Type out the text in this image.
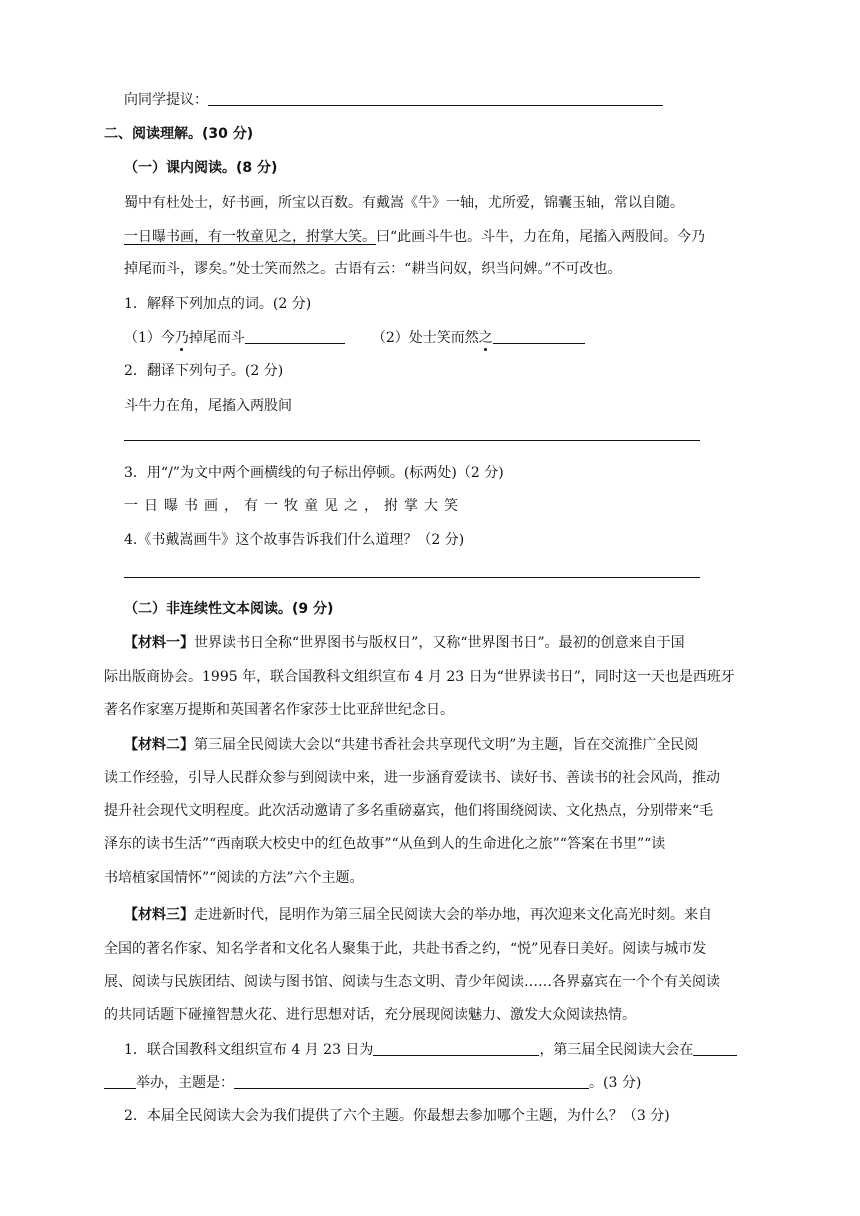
向同学提议：
二、阅读理解。(30 分)
（一）课内阅读。(8 分)
蜀中有杜处士，好书画，所宝以百数。有戴嵩《牛》一轴，尤所爱，锦囊玉轴，常以自随。
一日曝书画，有一牧童见之，拊掌大笑。曰“此画斗牛也。斗牛，力在角，尾搐入两股间。今乃
掉尾而斗，谬矣。”处士笑而然之。古语有云：“耕当问奴，织当问婢。”不可改也。
1．解释下列加点的词。(2 分)
（1）今乃掉尾而斗	（2）处士笑而然之
2．翻译下列句子。(2 分)
斗牛力在角，尾搐入两股间
3．用“/”为文中两个画横线的句子标出停顿。(标两处)（2 分)
一日曝书画，有一牧童见之，拊掌大笑
4.《书戴嵩画牛》这个故事告诉我们什么道理？（2 分)
（二）非连续性文本阅读。(9 分)
【材料一】世界读书日全称“世界图书与版权日”，又称“世界图书日”。最初的创意来自于国
际出版商协会。1995 年，联合国教科文组织宣布 4 月 23 日为“世界读书日”，同时这一天也是西班牙
著名作家塞万提斯和英国著名作家莎士比亚辞世纪念日。
【材料二】第三届全民阅读大会以“共建书香社会共享现代文明”为主题，旨在交流推广全民阅
读工作经验，引导人民群众参与到阅读中来，进一步涵育爱读书、读好书、善读书的社会风尚，推动
提升社会现代文明程度。此次活动邀请了多名重磅嘉宾，他们将围绕阅读、文化热点，分别带来“毛
泽东的读书生活”“西南联大校史中的红色故事”“从鱼到人的生命进化之旅”“答案在书里”“读
书培植家国情怀”“阅读的方法”六个主题。
【材料三】走进新时代，昆明作为第三届全民阅读大会的举办地，再次迎来文化高光时刻。来自
全国的著名作家、知名学者和文化名人聚集于此，共赴书香之约，“悦”见春日美好。阅读与城市发
展、阅读与民族团结、阅读与图书馆、阅读与生态文明、青少年阅读……各界嘉宾在一个个有关阅读
的共同话题下碰撞智慧火花、进行思想对话，充分展现阅读魅力、激发大众阅读热情。
1．联合国教科文组织宣布 4 月 23 日为	，第三届全民阅读大会在
举办，主题是：	。(3 分)
2．本届全民阅读大会为我们提供了六个主题。你最想去参加哪个主题，为什么？（3 分)
